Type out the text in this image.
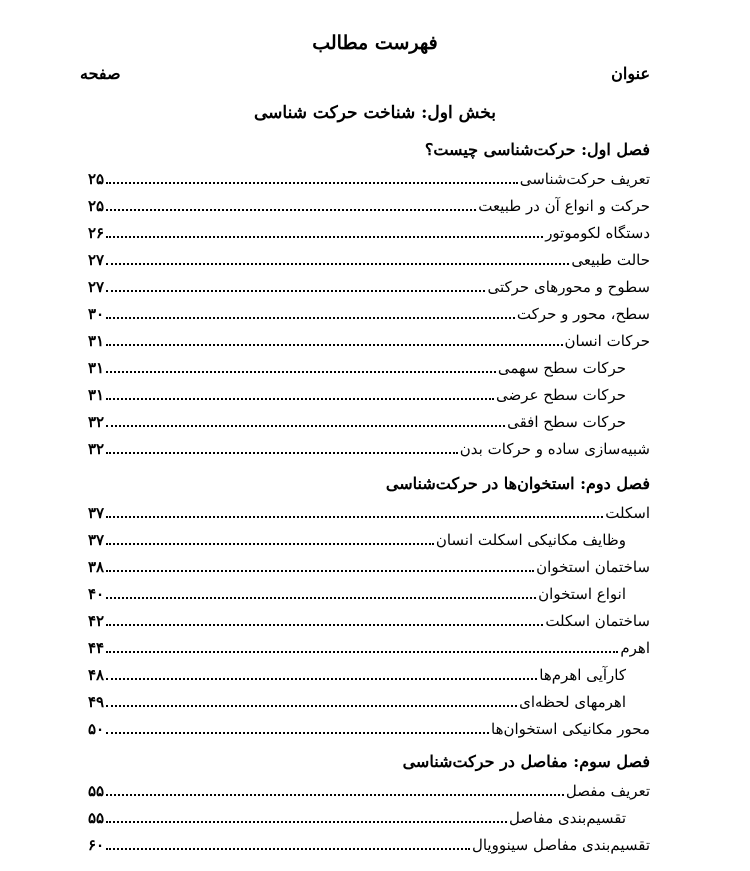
فهرست مطالب
عنوان
صفحه
بخش اول: شناخت حرکت شناسی
فصل اول: حرکت‌شناسی چیست؟
تعریف حرکت‌شناسی
۲۵
حرکت و انواع آن در طبیعت
۲۵
دستگاه لکوموتور
۲۶
حالت طبیعی
۲۷
سطوح و محورهای حرکتی
۲۷
سطح، محور و حرکت
۳۰
حرکات انسان
۳۱
حرکات سطح سهمی
۳۱
حرکات سطح عرضی
۳۱
حرکات سطح افقی
۳۲
شبیه‌سازی ساده و حرکات بدن
۳۲
فصل دوم: استخوان‌ها در حرکت‌شناسی
اسکلت
۳۷
وظایف مکانیکی اسکلت انسان
۳۷
ساختمان استخوان
۳۸
انواع استخوان
۴۰
ساختمان اسکلت
۴۲
اهرم
۴۴
کارآیی اهرم‌ها
۴۸
اهرمهای لحظه‌ای
۴۹
محور مکانیکی استخوان‌ها
۵۰
فصل سوم: مفاصل در حرکت‌شناسی
تعریف مفصل
۵۵
تقسیم‌بندی مفاصل
۵۵
تقسیم‌بندی مفاصل سینوویال
۶۰
